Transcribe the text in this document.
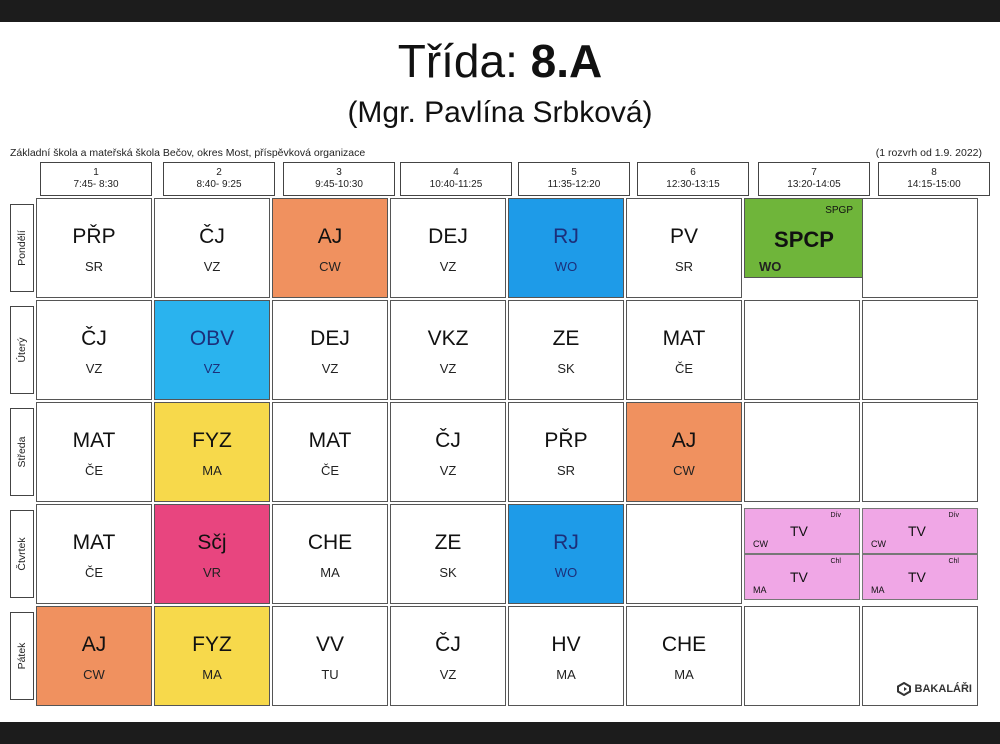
Třída: 8.A
(Mgr. Pavlína Srbková)
Základní škola a mateřská škola Bečov, okres Most, příspěvková organizace	(1 rozvrh od 1.9. 2022)
1
7:45- 8:30
2
8:40- 9:25
3
9:45-10:30
4
10:40-11:25
5
11:35-12:20
6
12:30-13:15
7
13:20-14:05
8
14:15-15:00
Pondělí
Úterý
Středa
Čtvrtek
Pátek
PŘP
SR
ČJ
VZ
AJ
CW
DEJ
VZ
RJ
WO
PV
SR
SPCP
WO
SPGP
ČJ
VZ
OBV
VZ
DEJ
VZ
VKZ
VZ
ZE
SK
MAT
ČE
MAT
ČE
FYZ
MA
MAT
ČE
ČJ
VZ
PŘP
SR
AJ
CW
MAT
ČE
Sčj
VR
CHE
MA
ZE
SK
RJ
WO
TV
CW
Dív
TV
MA
Chl
TV
CW
Dív
TV
MA
Chl
AJ
CW
FYZ
MA
VV
TU
ČJ
VZ
HV
MA
CHE
MA
BAKALÁŘI
